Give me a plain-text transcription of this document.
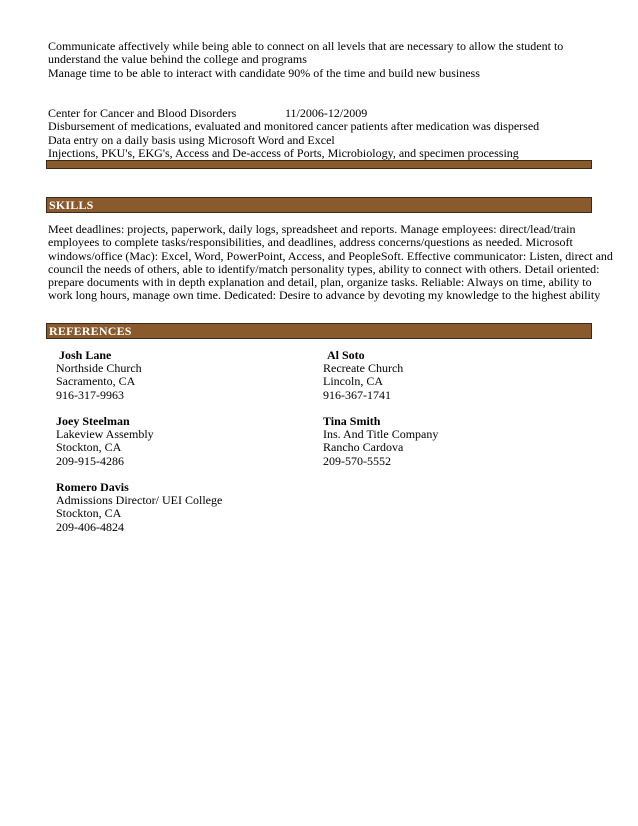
Communicate affectively while being able to connect on all levels that are necessary to allow the student to
understand the value behind the college and programs
Manage time to be able to interact with candidate 90% of the time and build new business
Center for Cancer and Blood Disorders	11/2006-12/2009
Disbursement of medications, evaluated and monitored cancer patients after medication was dispersed
Data entry on a daily basis using Microsoft Word and Excel
Injections, PKU's, EKG's, Access and De-access of Ports, Microbiology, and specimen processing
SKILLS
Meet deadlines: projects, paperwork, daily logs, spreadsheet and reports. Manage employees: direct/lead/train
employees to complete tasks/responsibilities, and deadlines, address concerns/questions as needed. Microsoft
windows/office (Mac): Excel, Word, PowerPoint, Access, and PeopleSoft. Effective communicator: Listen, direct and
council the needs of others, able to identify/match personality types, ability to connect with others. Detail oriented:
prepare documents with in depth explanation and detail, plan, organize tasks. Reliable: Always on time, ability to
work long hours, manage own time. Dedicated: Desire to advance by devoting my knowledge to the highest ability
REFERENCES
Josh Lane
Northside Church
Sacramento, CA
916-317-9963
Al Soto
Recreate Church
Lincoln, CA
916-367-1741
Joey Steelman
Lakeview Assembly
Stockton, CA
209-915-4286
Tina Smith
Ins. And Title Company
Rancho Cardova
209-570-5552
Romero Davis
Admissions Director/ UEI College
Stockton, CA
209-406-4824
